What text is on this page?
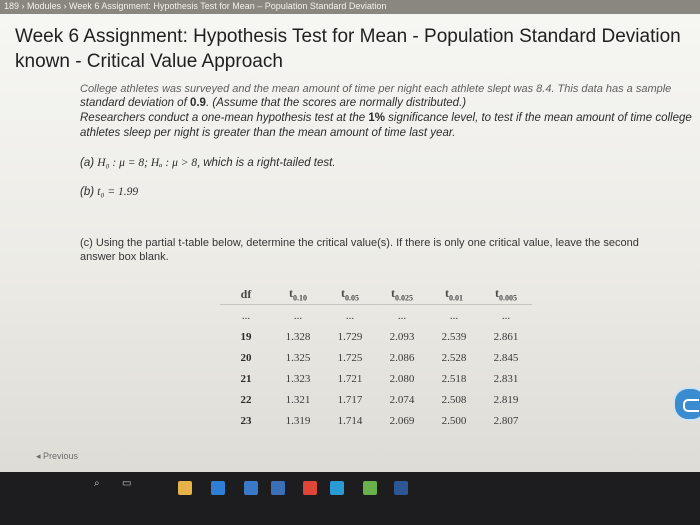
189 › Modules › Week 6 Assignment: Hypothesis Test for Mean – Population Standard Deviation
Week 6 Assignment: Hypothesis Test for Mean - Population Standard Deviation known - Critical Value Approach
College athletes was surveyed and the mean amount of time per night each athlete slept was 8.4. This data has a sample
standard deviation of 0.9. (Assume that the scores are normally distributed.)
Researchers conduct a one-mean hypothesis test at the 1% significance level, to test if the mean amount of time college
athletes sleep per night is greater than the mean amount of time last year.
(a) H₀ : μ = 8; Hₐ : μ > 8, which is a right-tailed test.
(b) t₀ = 1.99
(c) Using the partial t-table below, determine the critical value(s). If there is only one critical value, leave the second answer box blank.
df	$t_{0.10}$	$t_{0.05}$	$t_{0.025}$	$t_{0.01}$	$t_{0.005}$
...	...	...	...	...	...
19	1.328	1.729	2.093	2.539	2.861
20	1.325	1.725	2.086	2.528	2.845
21	1.323	1.721	2.080	2.518	2.831
22	1.321	1.717	2.074	2.508	2.819
23	1.319	1.714	2.069	2.500	2.807
◂ Previous
⌕	▭
